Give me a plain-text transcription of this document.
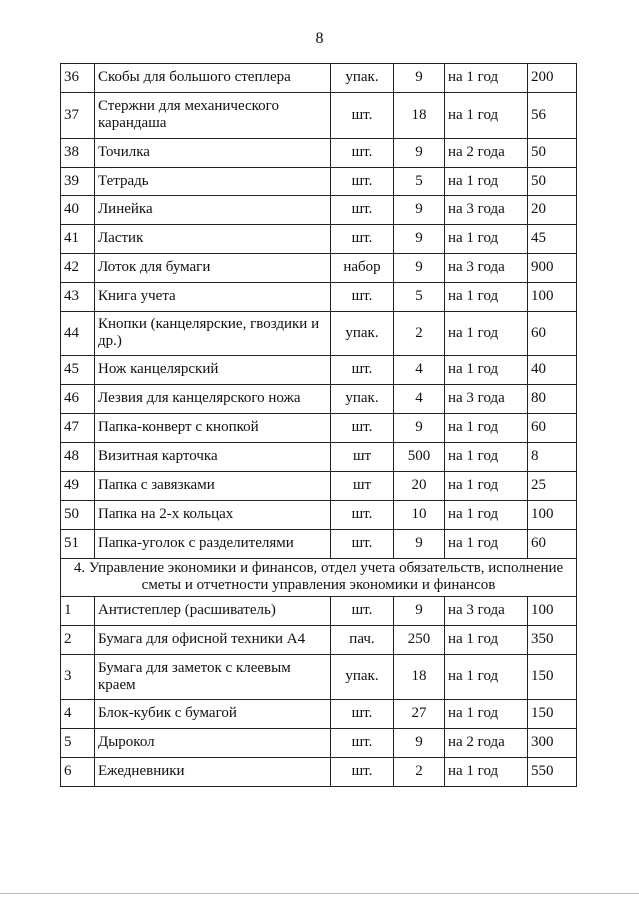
8
36	Скобы для большого степлера	упак.	9	на 1 год	200
37	Стержни для механического карандаша	шт.	18	на 1 год	56
38	Точилка	шт.	9	на 2 года	50
39	Тетрадь	шт.	5	на 1 год	50
40	Линейка	шт.	9	на 3 года	20
41	Ластик	шт.	9	на 1 год	45
42	Лоток для бумаги	набор	9	на 3 года	900
43	Книга учета	шт.	5	на 1 год	100
44	Кнопки (канцелярские, гвоздики и др.)	упак.	2	на 1 год	60
45	Нож канцелярский	шт.	4	на 1 год	40
46	Лезвия для канцелярского ножа	упак.	4	на 3 года	80
47	Папка-конверт с кнопкой	шт.	9	на 1 год	60
48	Визитная карточка	шт	500	на 1 год	8
49	Папка с завязками	шт	20	на 1 год	25
50	Папка на 2-х кольцах	шт.	10	на 1 год	100
51	Папка-уголок с разделителями	шт.	9	на 1 год	60
4. Управление экономики и финансов, отдел учета обязательств, исполнение сметы и отчетности управления экономики и финансов					
1	Антистеплер (расшиватель)	шт.	9	на 3 года	100
2	Бумага для офисной техники А4	пач.	250	на 1 год	350
3	Бумага для заметок с клеевым краем	упак.	18	на 1 год	150
4	Блок-кубик с бумагой	шт.	27	на 1 год	150
5	Дырокол	шт.	9	на 2 года	300
6	Ежедневники	шт.	2	на 1 год	550
